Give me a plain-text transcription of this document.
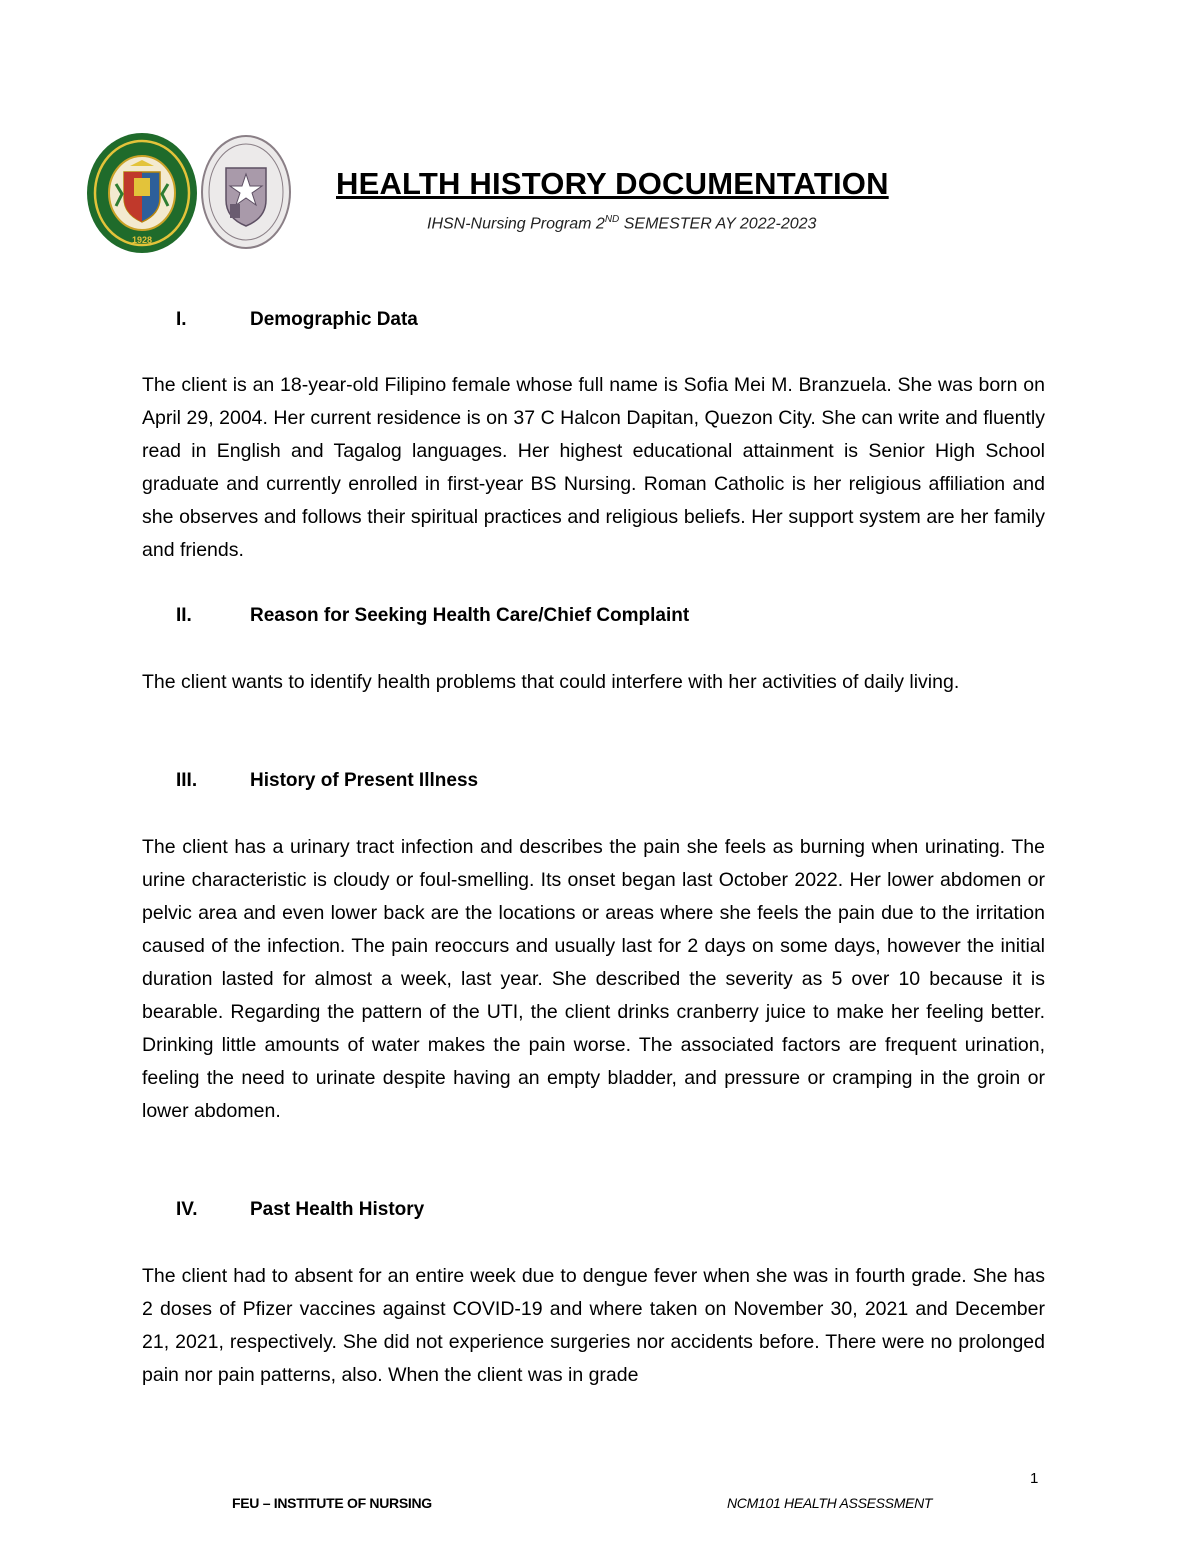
1928
HEALTH HISTORY DOCUMENTATION
IHSN-Nursing Program 2ND SEMESTER AY 2022-2023
I.	Demographic Data

The client is an 18-year-old Filipino female whose full name is Sofia Mei M. Branzuela. She was born on April 29, 2004. Her current residence is on 37 C Halcon Dapitan, Quezon City. She can write and fluently read in English and Tagalog languages. Her highest educational attainment is Senior High School graduate and currently enrolled in first-year BS Nursing. Roman Catholic is her religious affiliation and she observes and follows their spiritual practices and religious beliefs. Her support system are her family and friends.

II.	Reason for Seeking Health Care/Chief Complaint

The client wants to identify health problems that could interfere with her activities of daily living.

III.	History of Present Illness

The client has a urinary tract infection and describes the pain she feels as burning when urinating. The urine characteristic is cloudy or foul-smelling. Its onset began last October 2022. Her lower abdomen or pelvic area and even lower back are the locations or areas where she feels the pain due to the irritation caused of the infection. The pain reoccurs and usually last for 2 days on some days, however the initial duration lasted for almost a week, last year. She described the severity as 5 over 10 because it is bearable. Regarding the pattern of the UTI, the client drinks cranberry juice to make her feeling better. Drinking little amounts of water makes the pain worse. The associated factors are frequent urination, feeling the need to urinate despite having an empty bladder, and pressure or cramping in the groin or lower abdomen.

IV.	Past Health History

The client had to absent for an entire week due to dengue fever when she was in fourth grade. She has 2 doses of Pfizer vaccines against COVID-19 and where taken on November 30, 2021 and December 21, 2021, respectively. She did not experience surgeries nor accidents before. There were no prolonged pain nor pain patterns, also. When the client was in grade

1
FEU – INSTITUTE OF NURSING	NCM101 HEALTH ASSESSMENT
